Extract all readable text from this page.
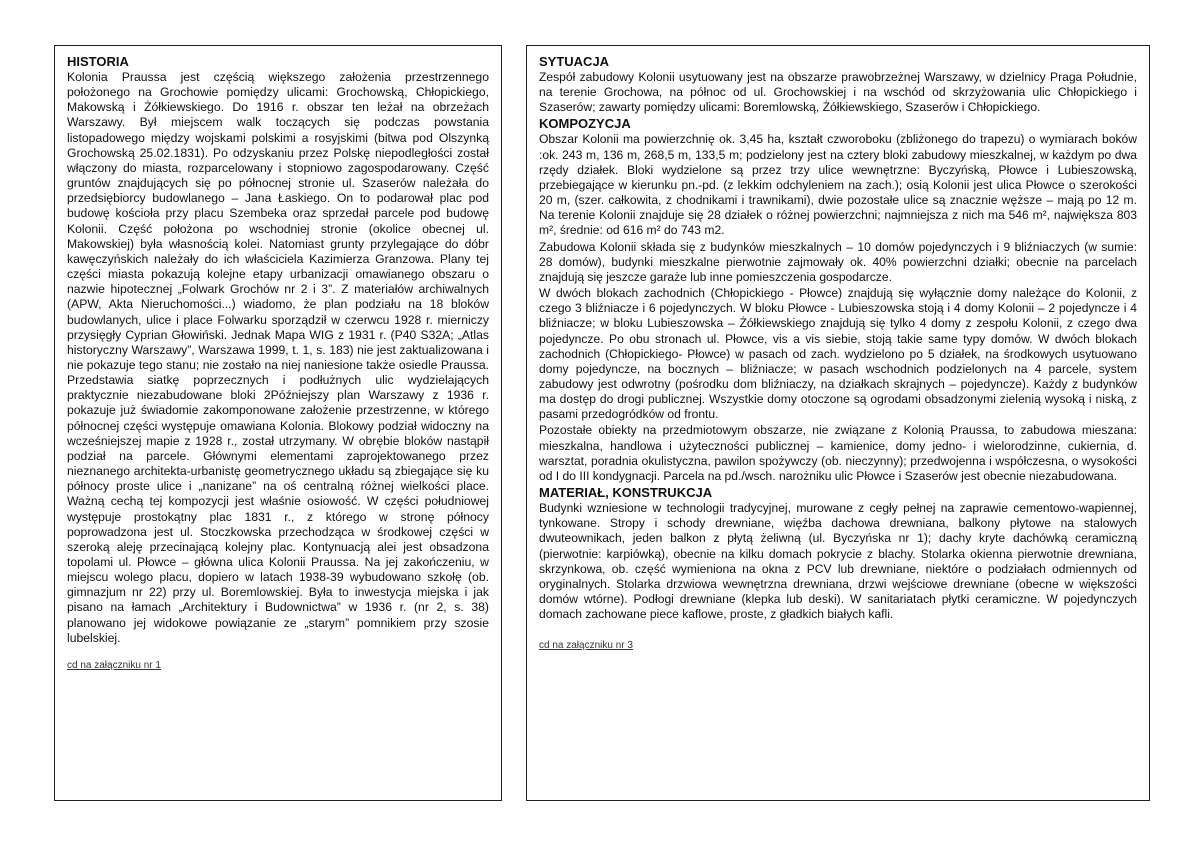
HISTORIA

Kolonia Praussa jest częścią większego założenia przestrzennego położonego na Grochowie pomiędzy ulicami: Grochowską, Chłopickiego, Makowską i Żółkiewskiego. Do 1916 r. obszar ten leżał na obrzeżach Warszawy. Był miejscem walk toczących się podczas powstania listopadowego między wojskami polskimi a rosyjskimi (bitwa pod Olszynką Grochowską 25.02.1831). Po odzyskaniu przez Polskę niepodległości został włączony do miasta, rozparcelowany i stopniowo zagospodarowany. Część gruntów znajdujących się po północnej stronie ul. Szaserów należała do przedsiębiorcy budowlanego – Jana Łaskiego. On to podarował plac pod budowę kościoła przy placu Szembeka oraz sprzedał parcele pod budowę Kolonii. Część położona po wschodniej stronie (okolice obecnej ul. Makowskiej) była własnością kolei. Natomiast grunty przylegające do dóbr kawęczyńskich należały do ich właściciela Kazimierza Granzowa. Plany tej części miasta pokazują kolejne etapy urbanizacji omawianego obszaru o nazwie hipotecznej „Folwark Grochów nr 2 i 3”. Z materiałów archiwalnych (APW, Akta Nieruchomości...) wiadomo, że plan podziału na 18 bloków budowlanych, ulice i place Folwarku sporządził w czerwcu 1928 r. mierniczy przysięgły Cyprian Głowiński. Jednak Mapa WIG z 1931 r. (P40 S32A; „Atlas historyczny Warszawy”, Warszawa 1999, t. 1, s. 183) nie jest zaktualizowana i nie pokazuje tego stanu; nie zostało na niej naniesione także osiedle Praussa. Przedstawia siatkę poprzecznych i podłużnych ulic wydzielających praktycznie niezabudowane bloki 2Późniejszy plan Warszawy z 1936 r. pokazuje już świadomie zakomponowane założenie przestrzenne, w którego północnej części występuje omawiana Kolonia. Blokowy podział widoczny na wcześniejszej mapie z 1928 r., został utrzymany. W obrębie bloków nastąpił podział na parcele. Głównymi elementami zaprojektowanego przez nieznanego architekta-urbanistę geometrycznego układu są zbiegające się ku północy proste ulice i „nanizane” na oś centralną różnej wielkości place. Ważną cechą tej kompozycji jest właśnie osiowość. W części południowej występuje prostokątny plac 1831 r., z którego w stronę północy poprowadzona jest ul. Stoczkowska przechodząca w środkowej części w szeroką aleję przecinającą kolejny plac. Kontynuacją alei jest obsadzona topolami ul. Płowce – główna ulica Kolonii Praussa. Na jej zakończeniu, w miejscu wolego placu, dopiero w latach 1938-39 wybudowano szkołę (ob. gimnazjum nr 22) przy ul. Boremlowskiej. Była to inwestycja miejska i jak pisano na łamach „Architektury i Budownictwa” w 1936 r. (nr 2, s. 38) planowano jej widokowe powiązanie ze „starym” pomnikiem przy szosie lubelskiej.

cd na załączniku nr 1
SYTUACJA

Zespół zabudowy Kolonii usytuowany jest na obszarze prawobrzeżnej Warszawy, w dzielnicy Praga Południe, na terenie Grochowa, na północ od ul. Grochowskiej i na wschód od skrzyżowania ulic Chłopickiego i Szaserów; zawarty pomiędzy ulicami: Boremlowską, Żółkiewskiego, Szaserów i Chłopickiego.

KOMPOZYCJA

Obszar Kolonii ma powierzchnię ok. 3,45 ha, kształt czworoboku (zbliżonego do trapezu) o wymiarach boków :ok. 243 m, 136 m, 268,5 m, 133,5 m; podzielony jest na cztery bloki zabudowy mieszkalnej, w każdym po dwa rzędy działek. Bloki wydzielone są przez trzy ulice wewnętrzne: Byczyńską, Płowce i Lubieszowską, przebiegające w kierunku pn.-pd. (z lekkim odchyleniem na zach.); osią Kolonii jest ulica Płowce o szerokości 20 m, (szer. całkowita, z chodnikami i trawnikami), dwie pozostałe ulice są znacznie węższe – mają po 12 m. Na terenie Kolonii znajduje się 28 działek o różnej powierzchni; najmniejsza z nich ma 546 m², największa 803 m², średnie: od 616 m² do 743 m2.

Zabudowa Kolonii składa się z budynków mieszkalnych – 10 domów pojedynczych i 9 bliźniaczych (w sumie: 28 domów), budynki mieszkalne pierwotnie zajmowały ok. 40% powierzchni działki; obecnie na parcelach znajdują się jeszcze garaże lub inne pomieszczenia gospodarcze.

W dwóch blokach zachodnich (Chłopickiego - Płowce) znajdują się wyłącznie domy należące do Kolonii, z czego 3 bliźniacze i 6 pojedynczych. W bloku Płowce - Lubieszowska stoją i 4 domy Kolonii – 2 pojedyncze i 4 bliźniacze; w bloku Lubieszowska – Żółkiewskiego znajdują się tylko 4 domy z zespołu Kolonii, z czego dwa pojedyncze. Po obu stronach ul. Płowce, vis a vis siebie, stoją takie same typy domów. W dwóch blokach zachodnich (Chłopickiego- Płowce) w pasach od zach. wydzielono po 5 działek, na środkowych usytuowano domy pojedyncze, na bocznych – bliźniacze; w pasach wschodnich podzielonych na 4 parcele, system zabudowy jest odwrotny (pośrodku dom bliźniaczy, na działkach skrajnych – pojedyncze). Każdy z budynków ma dostęp do drogi publicznej. Wszystkie domy otoczone są ogrodami obsadzonymi zielenią wysoką i niską, z pasami przedogródków od frontu.

Pozostałe obiekty na przedmiotowym obszarze, nie związane z Kolonią Praussa, to zabudowa mieszana: mieszkalna, handlowa i użyteczności publicznej – kamienice, domy jedno- i wielorodzinne, cukiernia, d. warsztat, poradnia okulistyczna, pawilon spożywczy (ob. nieczynny); przedwojenna i współczesna, o wysokości od I do III kondygnacji. Parcela na pd./wsch. narożniku ulic Płowce i Szaserów jest obecnie niezabudowana.

MATERIAŁ, KONSTRUKCJA

Budynki wzniesione w technologii tradycyjnej, murowane z cegły pełnej na zaprawie cementowo-wapiennej, tynkowane. Stropy i schody drewniane, więźba dachowa drewniana, balkony płytowe na stalowych dwuteownikach, jeden balkon z płytą żeliwną (ul. Byczyńska nr 1); dachy kryte dachówką ceramiczną (pierwotnie: karpiówką), obecnie na kilku domach pokrycie z blachy. Stolarka okienna pierwotnie drewniana, skrzynkowa, ob. część wymieniona na okna z PCV lub drewniane, niektóre o podziałach odmiennych od oryginalnych. Stolarka drzwiowa wewnętrzna drewniana, drzwi wejściowe drewniane (obecne w większości domów wtórne). Podłogi drewniane (klepka lub deski). W sanitariatach płytki ceramiczne. W pojedynczych domach zachowane piece kaflowe, proste, z gładkich białych kafli.

cd na załączniku nr 3
